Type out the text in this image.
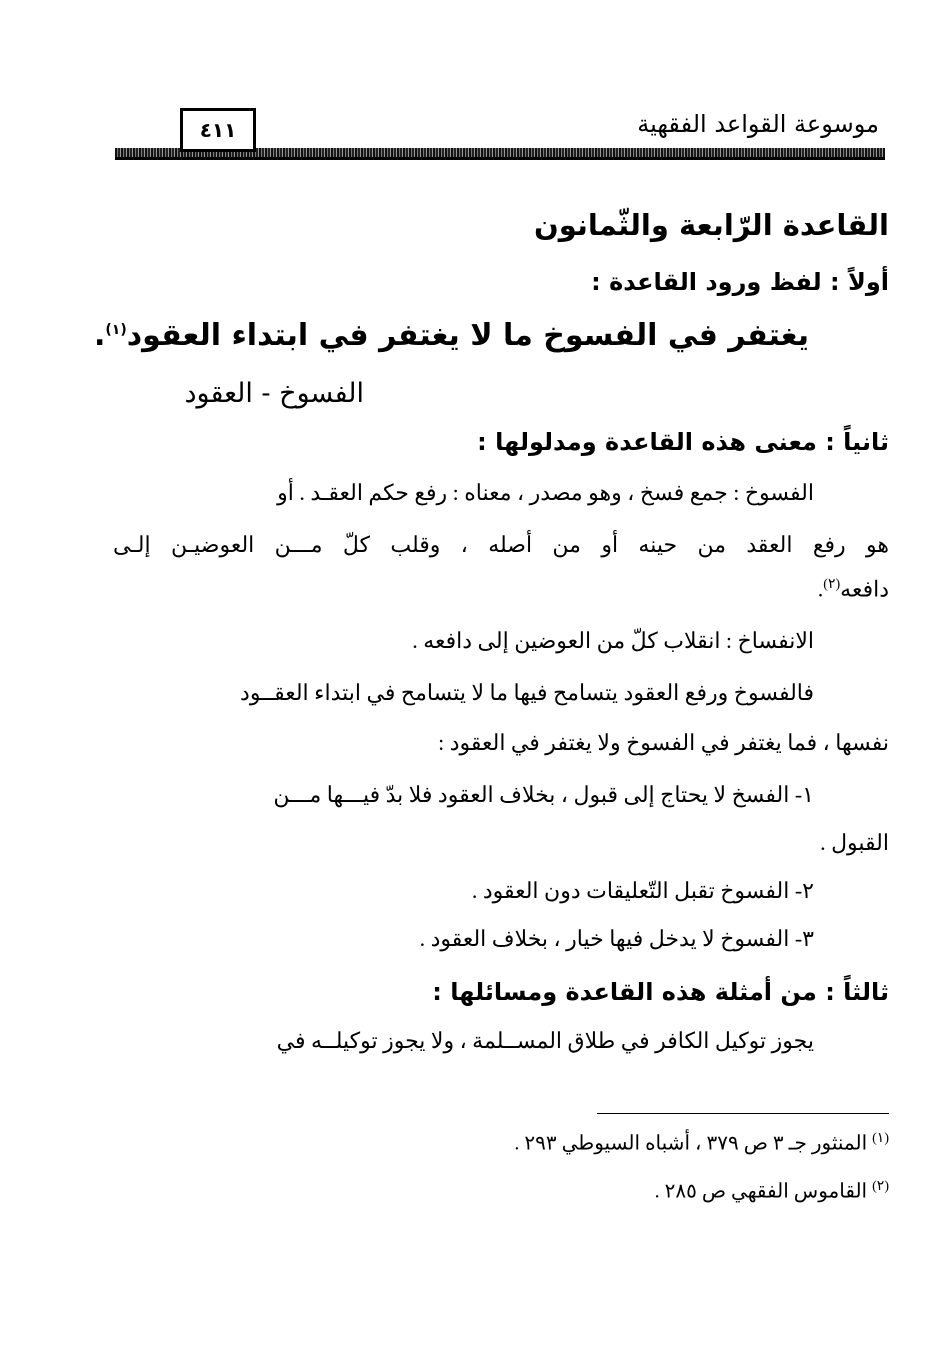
موسوعة القواعد الفقهية
٤١١
القاعدة الرّابعة والثّمانون
أولاً : لفظ ورود القاعدة :
يغتفر في الفسوخ ما لا يغتفر في ابتداء العقود$^{(١)}$.
الفسوخ - العقود
ثانياً : معنى هذه القاعدة ومدلولها :
الفسوخ : جمع فسخ ، وهو مصدر ، معناه : رفع حكم العقـد . أو
هو رفع العقد من حينه أو من أصله ، وقلب كلّ مـــن العوضيـن إلـى
دافعه$^{(٢)}$.
الانفساخ : انقلاب كلّ من العوضين إلى دافعه .
فالفسوخ ورفع العقود يتسامح فيها ما لا يتسامح في ابتداء العقــود
نفسها ، فما يغتفر في الفسوخ ولا يغتفر في العقود :
١- الفسخ لا يحتاج إلى قبول ، بخلاف العقود فلا بدّ فيـــها مـــن
القبول .
٢- الفسوخ تقبل التّعليقات دون العقود .
٣- الفسوخ لا يدخل فيها خيار ، بخلاف العقود .
ثالثاً : من أمثلة هذه القاعدة ومسائلها :
يجوز توكيل الكافر في طلاق المســلمة ، ولا يجوز توكيلــه في
$^{(١)}$ المنثور جـ ٣ ص ٣٧٩ ، أشباه السيوطي ٢٩٣ .
$^{(٢)}$ القاموس الفقهي ص ٢٨٥ .
